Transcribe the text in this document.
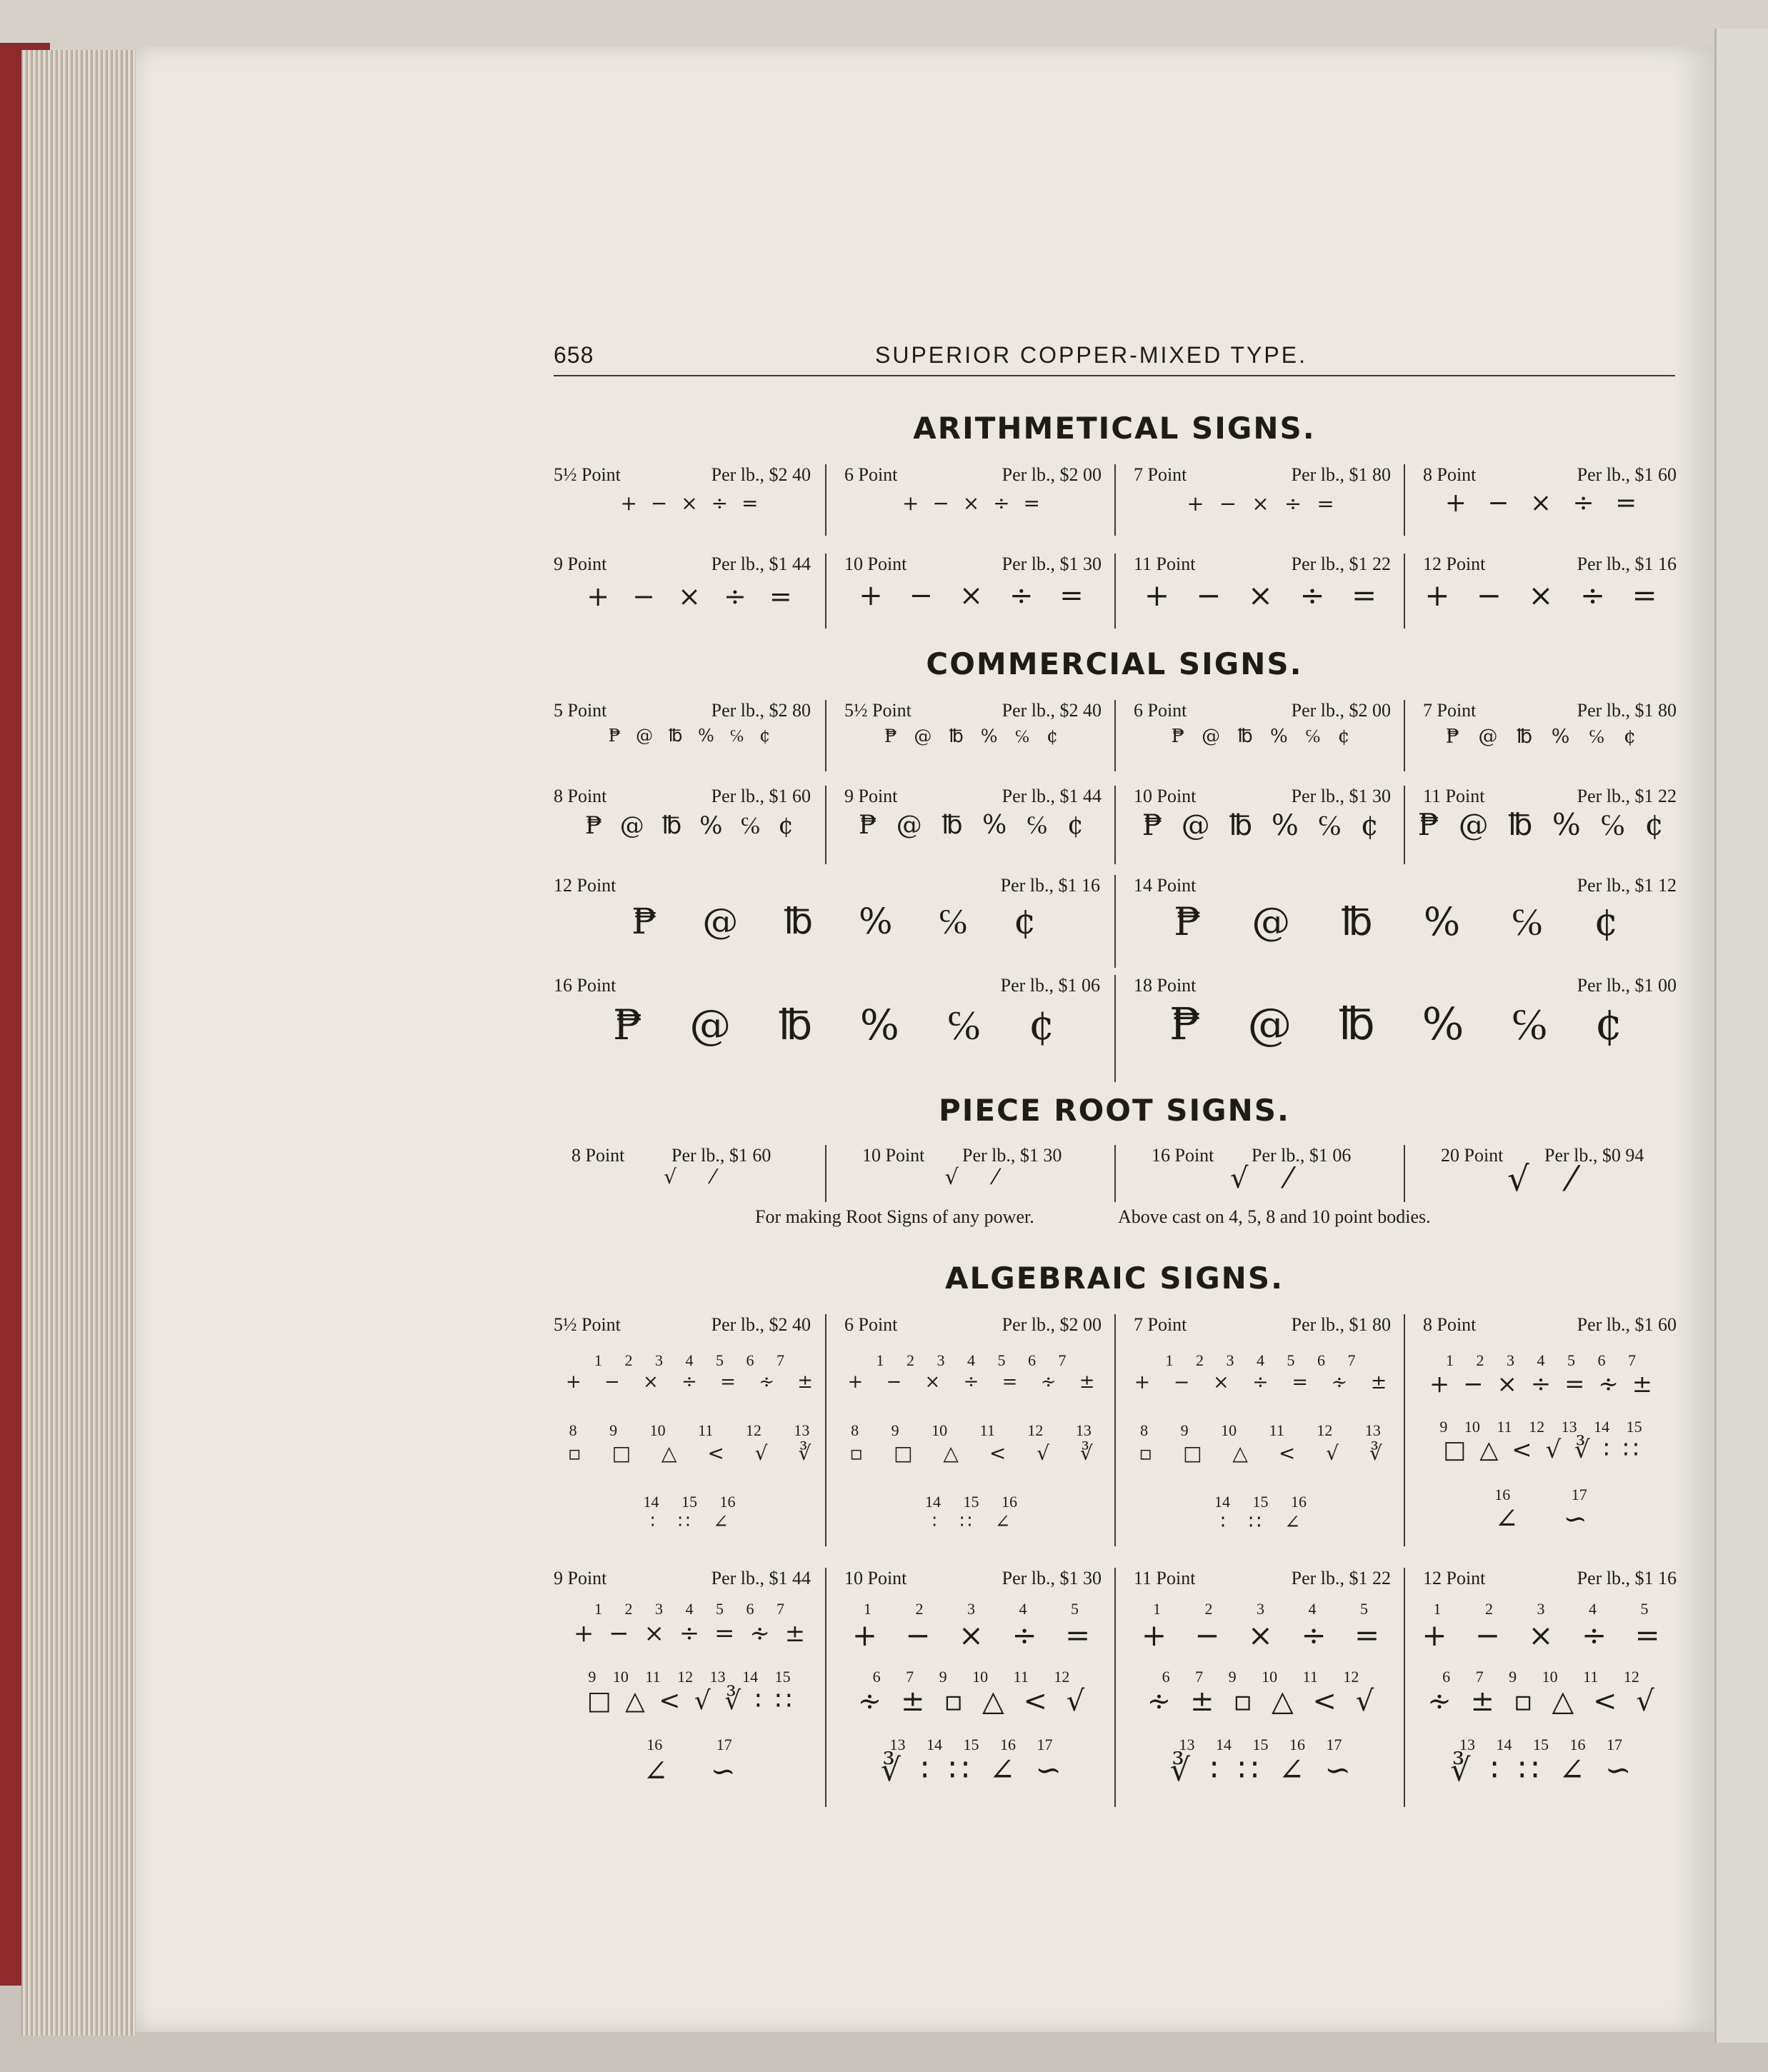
658	SUPERIOR COPPER-MIXED TYPE.
ARITHMETICAL SIGNS.
5½ Point	Per lb., $2 40
+ − × ÷ =
6 Point	Per lb., $2 00
+ − × ÷ =
7 Point	Per lb., $1 80
+ − × ÷ =
8 Point	Per lb., $1 60
+ − × ÷ =
9 Point	Per lb., $1 44
+ − × ÷ =
10 Point	Per lb., $1 30
+ − × ÷ =
11 Point	Per lb., $1 22
+ − × ÷ =
12 Point	Per lb., $1 16
+ − × ÷ =
COMMERCIAL SIGNS.
5 Point	Per lb., $2 80
₱ @ ℔ % ℅ ¢
5½ Point	Per lb., $2 40
₱ @ ℔ % ℅ ¢
6 Point	Per lb., $2 00
₱ @ ℔ % ℅ ¢
7 Point	Per lb., $1 80
₱ @ ℔ % ℅ ¢
8 Point	Per lb., $1 60
₱ @ ℔ % ℅ ¢
9 Point	Per lb., $1 44
₱ @ ℔ % ℅ ¢
10 Point	Per lb., $1 30
₱ @ ℔ % ℅ ¢
11 Point	Per lb., $1 22
₱ @ ℔ % ℅ ¢
12 Point	Per lb., $1 16
₱ @ ℔ % ℅ ¢
14 Point	Per lb., $1 12
₱ @ ℔ % ℅ ¢
16 Point	Per lb., $1 06
₱ @ ℔ % ℅ ¢
18 Point	Per lb., $1 00
₱ @ ℔ % ℅ ¢
PIECE ROOT SIGNS.
8 Point	Per lb., $1 60
√ ⁄
10 Point Per lb., $1 30
√ ⁄
16 Point Per lb., $1 06
√ ⁄
20 Point Per lb., $0 94
√ ⁄
For making Root Signs of any power.	Above cast on 4, 5, 8 and 10 point bodies.
ALGEBRAIC SIGNS.
5½ Point	Per lb., $2 40
1 2 3 4 5 6 7
+ − × ÷ = ∻ ±
8 9 10 11 12 13
▫ □ △ < √ ∛
14 15 16
∶ ∷ ∠
6 Point	Per lb., $2 00
1 2 3 4 5 6 7
+ − × ÷ = ∻ ±
8 9 10 11 12 13
▫ □ △ < √ ∛
14 15 16
∶ ∷ ∠
7 Point	Per lb., $1 80
1 2 3 4 5 6 7
+ − × ÷ = ∻ ±
8 9 10 11 12 13
▫ □ △ < √ ∛
14 15 16
∶ ∷ ∠
8 Point	Per lb., $1 60
1 2 3 4 5 6 7
+ − × ÷ = ∻ ±
9 10 11 12 13 14 15
□ △ < √ ∛ ∶ ∷
16 17
∠ ∽
9 Point	Per lb., $1 44
1 2 3 4 5 6 7
+ − × ÷ = ∻ ±
9 10 11 12 13 14 15
□ △ < √ ∛ ∶ ∷
16 17
∠ ∽
10 Point	Per lb., $1 30
1 2 3 4 5
+ − × ÷ =
6 7 9 10 11 12
∻ ± ▫ △ < √
13 14 15 16 17
∛ ∶ ∷ ∠ ∽
11 Point	Per lb., $1 22
1 2 3 4 5
+ − × ÷ =
6 7 9 10 11 12
∻ ± ▫ △ < √
13 14 15 16 17
∛ ∶ ∷ ∠ ∽
12 Point	Per lb., $1 16
1 2 3 4 5
+ − × ÷ =
6 7 9 10 11 12
∻ ± ▫ △ < √
13 14 15 16 17
∛ ∶ ∷ ∠ ∽
